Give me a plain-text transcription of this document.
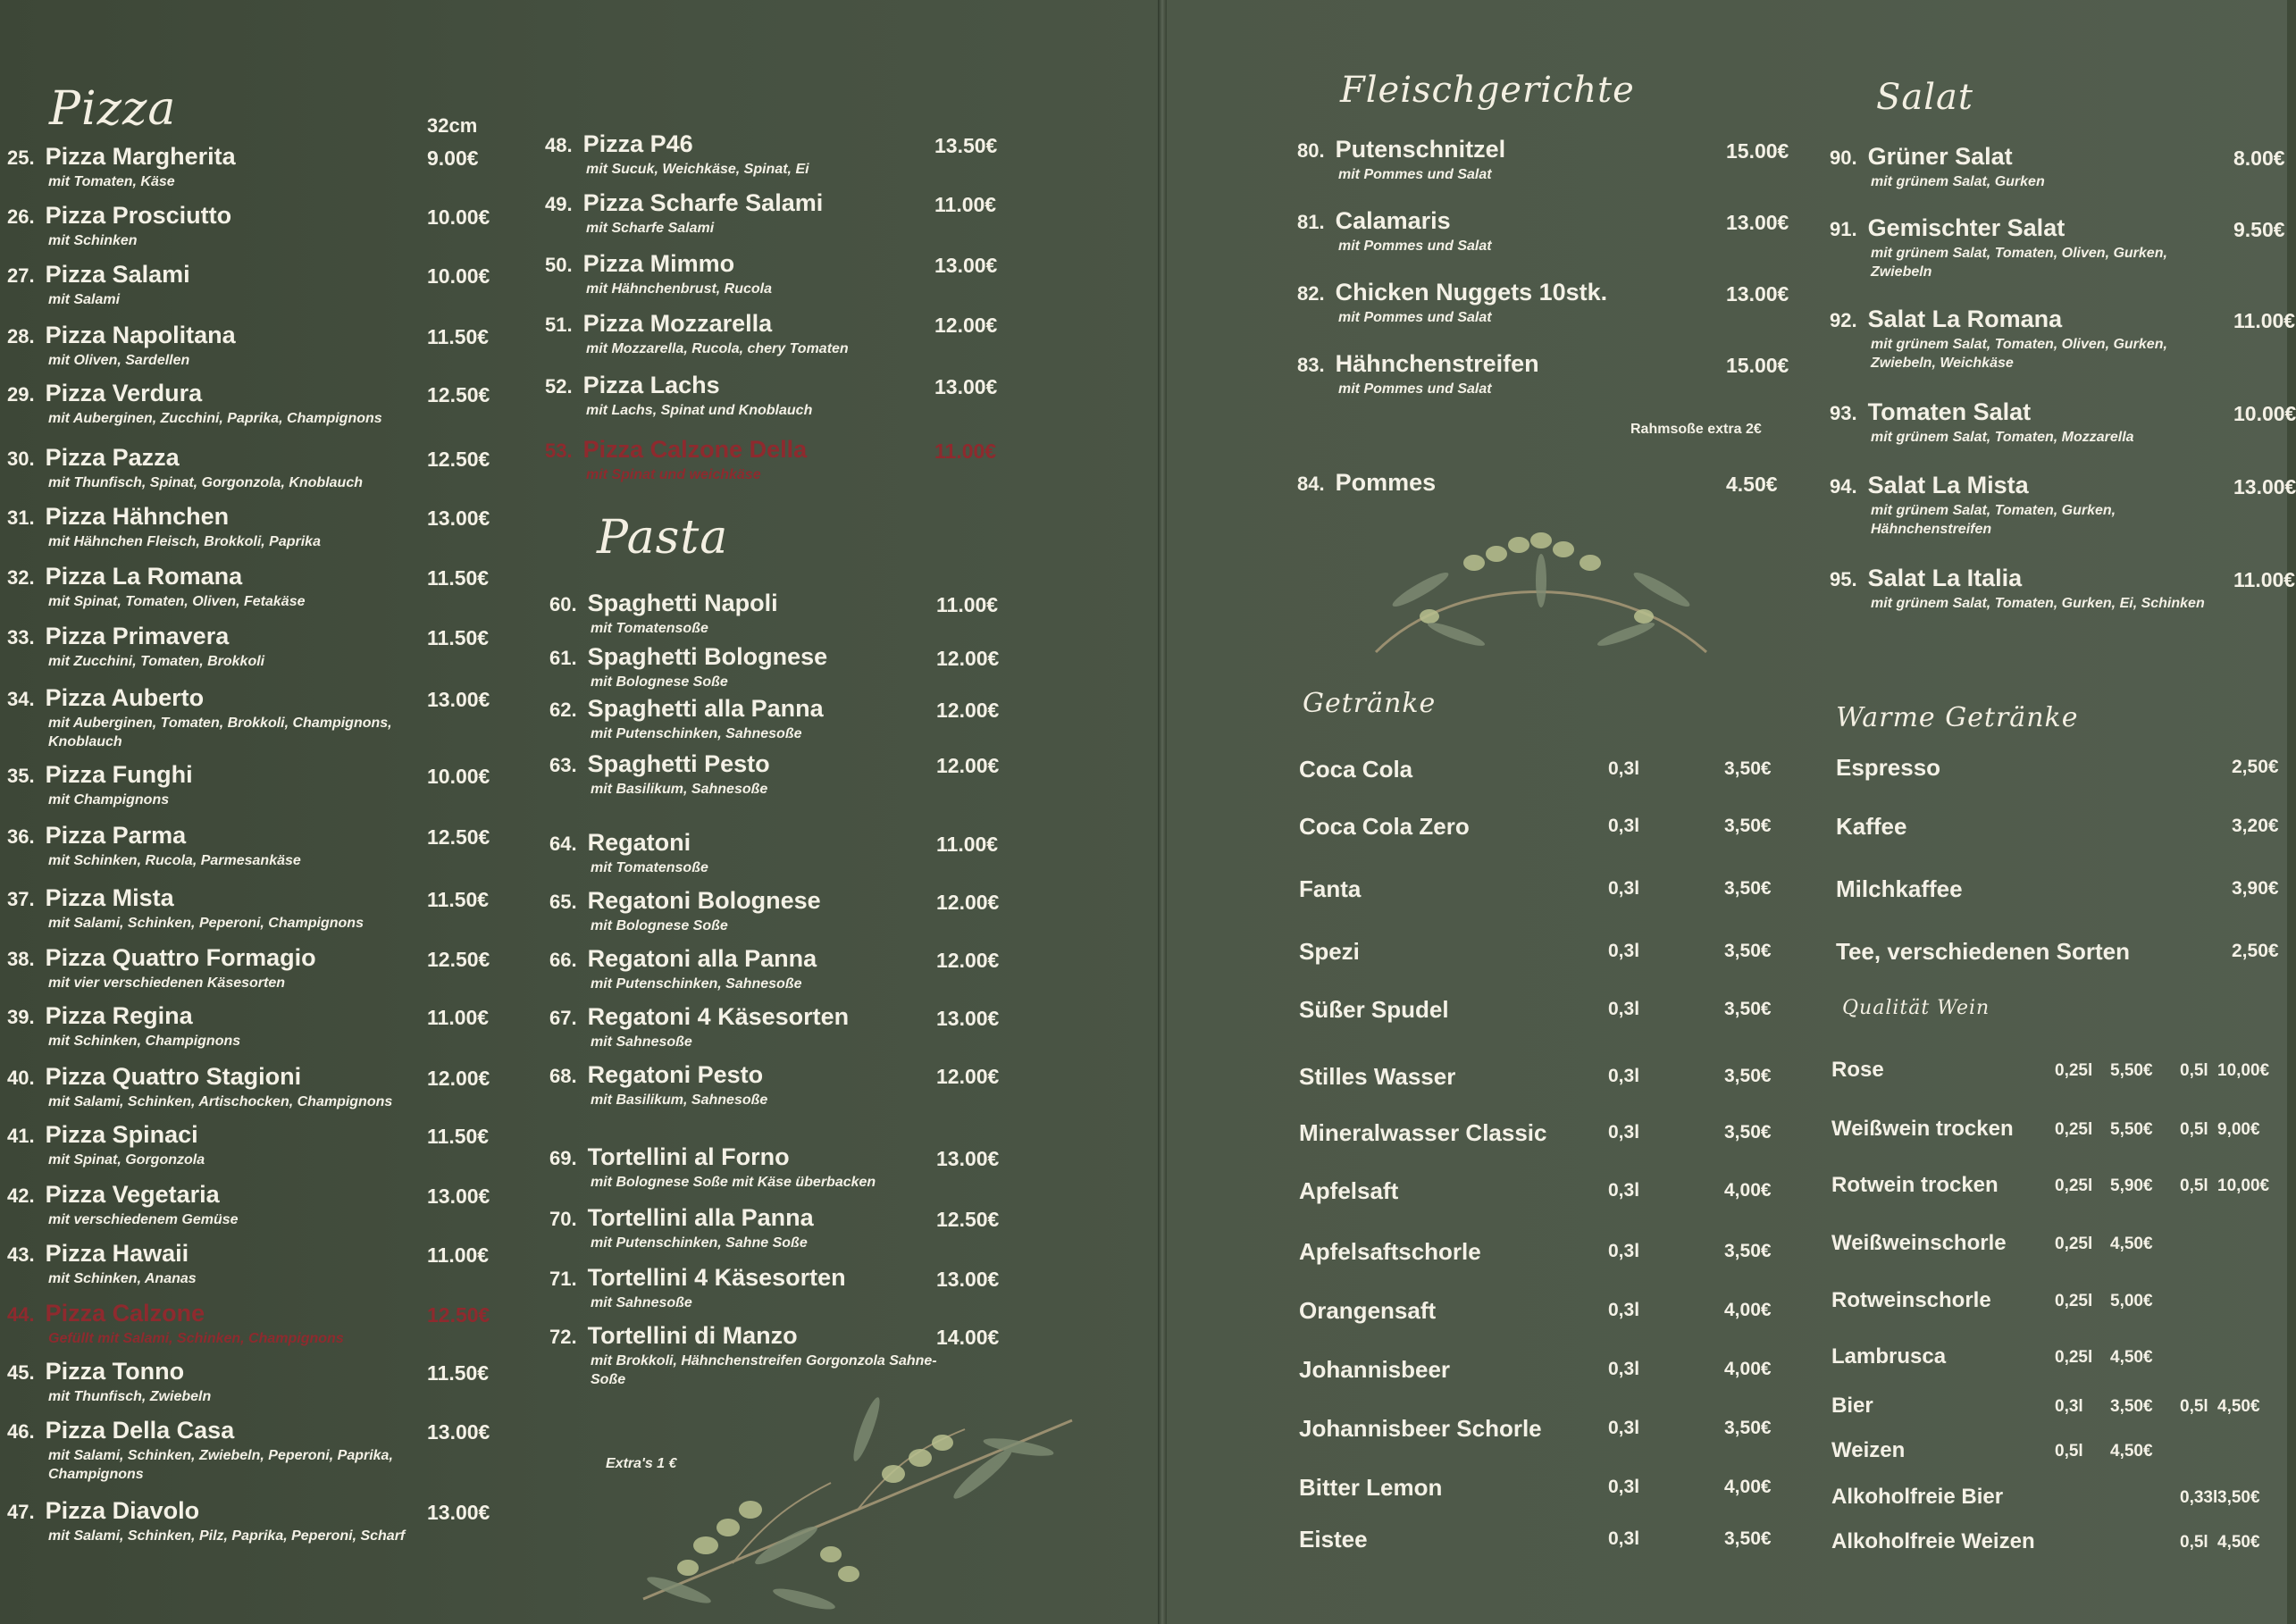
Pizza	32cm
Pasta
Fleischgerichte	Salat
Getränke	Warme Getränke
Qualität Wein
25. Pizza Margherita
mit Tomaten, Käse
9.00€
26. Pizza Prosciutto
mit Schinken
10.00€
27. Pizza Salami
mit Salami
10.00€
28. Pizza Napolitana
mit Oliven, Sardellen
11.50€
29. Pizza Verdura
mit Auberginen, Zucchini, Paprika, Champignons
12.50€
30. Pizza Pazza
mit Thunfisch, Spinat, Gorgonzola, Knoblauch
12.50€
31. Pizza Hähnchen
mit Hähnchen Fleisch, Brokkoli, Paprika
13.00€
32. Pizza La Romana
mit Spinat, Tomaten, Oliven, Fetakäse
11.50€
33. Pizza Primavera
mit Zucchini, Tomaten, Brokkoli
11.50€
34. Pizza Auberto
mit Auberginen, Tomaten, Brokkoli, Champignons, Knoblauch
13.00€
35. Pizza Funghi
mit Champignons
10.00€
36. Pizza Parma
mit Schinken, Rucola, Parmesankäse
12.50€
37. Pizza Mista
mit Salami, Schinken, Peperoni, Champignons
11.50€
38. Pizza Quattro Formagio
mit vier verschiedenen Käsesorten
12.50€
39. Pizza Regina
mit Schinken, Champignons
11.00€
40. Pizza Quattro Stagioni
mit Salami, Schinken, Artischocken, Champignons
12.00€
41. Pizza Spinaci
mit Spinat, Gorgonzola
11.50€
42. Pizza Vegetaria
mit verschiedenem Gemüse
13.00€
43. Pizza Hawaii
mit Schinken, Ananas
11.00€
44. Pizza Calzone
Gefüllt mit Salami, Schinken, Champignons
12.50€
45. Pizza Tonno
mit Thunfisch, Zwiebeln
11.50€
46. Pizza Della Casa
mit Salami, Schinken, Zwiebeln, Peperoni, Paprika, Champignons
13.00€
47. Pizza Diavolo
mit Salami, Schinken, Pilz, Paprika, Peperoni, Scharf
13.00€
48. Pizza P46
mit Sucuk, Weichkäse, Spinat, Ei
13.50€
49. Pizza Scharfe Salami
mit Scharfe Salami
11.00€
50. Pizza Mimmo
mit Hähnchenbrust, Rucola
13.00€
51. Pizza Mozzarella
mit Mozzarella, Rucola, chery Tomaten
12.00€
52. Pizza Lachs
mit Lachs, Spinat und Knoblauch
13.00€
53. Pizza Calzone Della
mit Spinat und weichkäse
11.00€
60. Spaghetti Napoli
mit Tomatensoße
11.00€
61. Spaghetti Bolognese
mit Bolognese Soße
12.00€
62. Spaghetti alla Panna
mit Putenschinken, Sahnesoße
12.00€
63. Spaghetti Pesto
mit Basilikum, Sahnesoße
12.00€
64. Regatoni
mit Tomatensoße
11.00€
65. Regatoni Bolognese
mit Bolognese Soße
12.00€
66. Regatoni alla Panna
mit Putenschinken, Sahnesoße
12.00€
67. Regatoni 4 Käsesorten
mit Sahnesoße
13.00€
68. Regatoni Pesto
mit Basilikum, Sahnesoße
12.00€
69. Tortellini al Forno
mit Bolognese Soße mit Käse überbacken
13.00€
70. Tortellini alla Panna
mit Putenschinken, Sahne Soße
12.50€
71. Tortellini 4 Käsesorten
mit Sahnesoße
13.00€
72. Tortellini di Manzo
mit Brokkoli, Hähnchenstreifen Gorgonzola Sahne-Soße
14.00€
80. Putenschnitzel
mit Pommes und Salat
15.00€
81. Calamaris
mit Pommes und Salat
13.00€
82. Chicken Nuggets 10stk.
mit Pommes und Salat
13.00€
83. Hähnchenstreifen
mit Pommes und Salat
15.00€
84. Pommes	4.50€
90. Grüner Salat
mit grünem Salat, Gurken
8.00€
91. Gemischter Salat
mit grünem Salat, Tomaten, Oliven, Gurken, Zwiebeln
9.50€
92. Salat La Romana
mit grünem Salat, Tomaten, Oliven, Gurken, Zwiebeln, Weichkäse
11.00€
93. Tomaten Salat
mit grünem Salat, Tomaten, Mozzarella
10.00€
94. Salat La Mista
mit grünem Salat, Tomaten, Gurken, Hähnchenstreifen
13.00€
95. Salat La Italia
mit grünem Salat, Tomaten, Gurken, Ei, Schinken
11.00€
Coca Cola	0,3l	3,50€
Coca Cola Zero	0,3l	3,50€
Fanta	0,3l	3,50€
Spezi	0,3l	3,50€
Süßer Spudel	0,3l	3,50€
Stilles Wasser	0,3l	3,50€
Mineralwasser Classic	0,3l	3,50€
Apfelsaft	0,3l	4,00€
Apfelsaftschorle	0,3l	3,50€
Orangensaft	0,3l	4,00€
Johannisbeer	0,3l	4,00€
Johannisbeer Schorle	0,3l	3,50€
Bitter Lemon	0,3l	4,00€
Eistee	0,3l	3,50€
Espresso	2,50€
Kaffee	3,20€
Milchkaffee	3,90€
Tee, verschiedenen Sorten	2,50€
Rose	0,25l 5,50€ 0,5l 10,00€
Weißwein trocken 0,25l 5,50€ 0,5l 9,00€
Rotwein trocken	0,25l 5,90€ 0,5l 10,00€
Weißweinschorle	0,25l 4,50€
Rotweinschorle	0,25l 5,00€
Lambrusca	0,25l 4,50€
Bier	0,3l 3,50€ 0,5l 4,50€
Weizen	0,5l 4,50€
Alkoholfreie Bier	0,33l 3,50€
Alkoholfreie Weizen	0,5l 4,50€
Extra's 1 €
Rahmsoße extra 2€
